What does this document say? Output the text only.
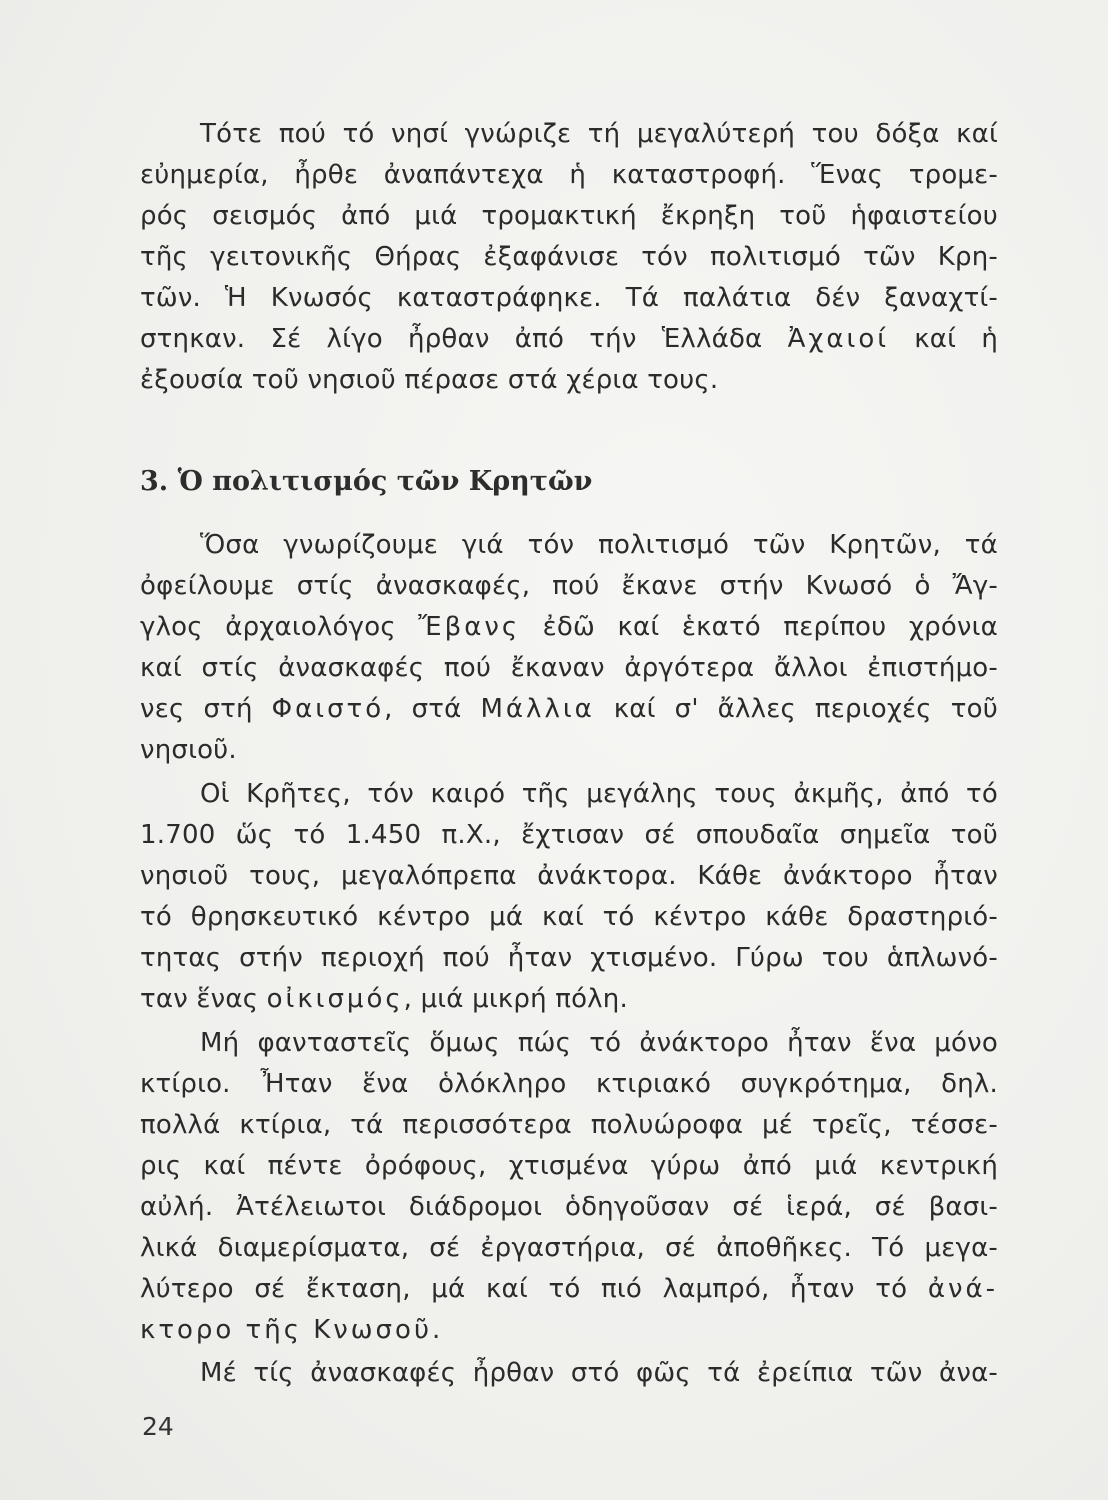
Τότε πού τό νησί γνώριζε τή μεγαλύτερή του δόξα καί
εὐημερία, ἦρθε ἀναπάντεχα ἡ καταστροφή. Ἕνας τρομε-
ρός σεισμός ἀπό μιά τρομακτική ἔκρηξη τοῦ ἡφαιστείου
τῆς γειτονικῆς Θήρας ἐξαφάνισε τόν πολιτισμό τῶν Κρη-
τῶν. Ἡ Κνωσός καταστράφηκε. Τά παλάτια δέν ξαναχτί-
στηκαν. Σέ λίγο ἦρθαν ἀπό τήν Ἑλλάδα Ἀχαιοί καί ἡ
ἐξουσία τοῦ νησιοῦ πέρασε στά χέρια τους.
3. Ὁ πολιτισμός τῶν Κρητῶν
Ὅσα γνωρίζουμε γιά τόν πολιτισμό τῶν Κρητῶν, τά
ὀφείλουμε στίς ἀνασκαφές, πού ἔκανε στήν Κνωσό ὁ Ἄγ-
γλος ἀρχαιολόγος Ἔβανς ἐδῶ καί ἑκατό περίπου χρόνια
καί στίς ἀνασκαφές πού ἔκαναν ἀργότερα ἄλλοι ἐπιστήμο-
νες στή Φαιστό, στά Μάλλια καί σ' ἄλλες περιοχές τοῦ
νησιοῦ.
Οἱ Κρῆτες, τόν καιρό τῆς μεγάλης τους ἀκμῆς, ἀπό τό
1.700 ὥς τό 1.450 π.Χ., ἔχτισαν σέ σπουδαῖα σημεῖα τοῦ
νησιοῦ τους, μεγαλόπρεπα ἀνάκτορα. Κάθε ἀνάκτορο ἦταν
τό θρησκευτικό κέντρο μά καί τό κέντρο κάθε δραστηριό-
τητας στήν περιοχή πού ἦταν χτισμένο. Γύρω του ἁπλωνό-
ταν ἕνας οἰκισμός, μιά μικρή πόλη.
Μή φανταστεῖς ὅμως πώς τό ἀνάκτορο ἦταν ἕνα μόνο
κτίριο. Ἦταν ἕνα ὁλόκληρο κτιριακό συγκρότημα, δηλ.
πολλά κτίρια, τά περισσότερα πολυώροφα μέ τρεῖς, τέσσε-
ρις καί πέντε ὀρόφους, χτισμένα γύρω ἀπό μιά κεντρική
αὐλή. Ἀτέλειωτοι διάδρομοι ὁδηγοῦσαν σέ ἱερά, σέ βασι-
λικά διαμερίσματα, σέ ἐργαστήρια, σέ ἀποθῆκες. Τό μεγα-
λύτερο σέ ἔκταση, μά καί τό πιό λαμπρό, ἦταν τό ἀνά-
κτορο τῆς Κνωσοῦ.
Μέ τίς ἀνασκαφές ἦρθαν στό φῶς τά ἐρείπια τῶν ἀνα-
24
